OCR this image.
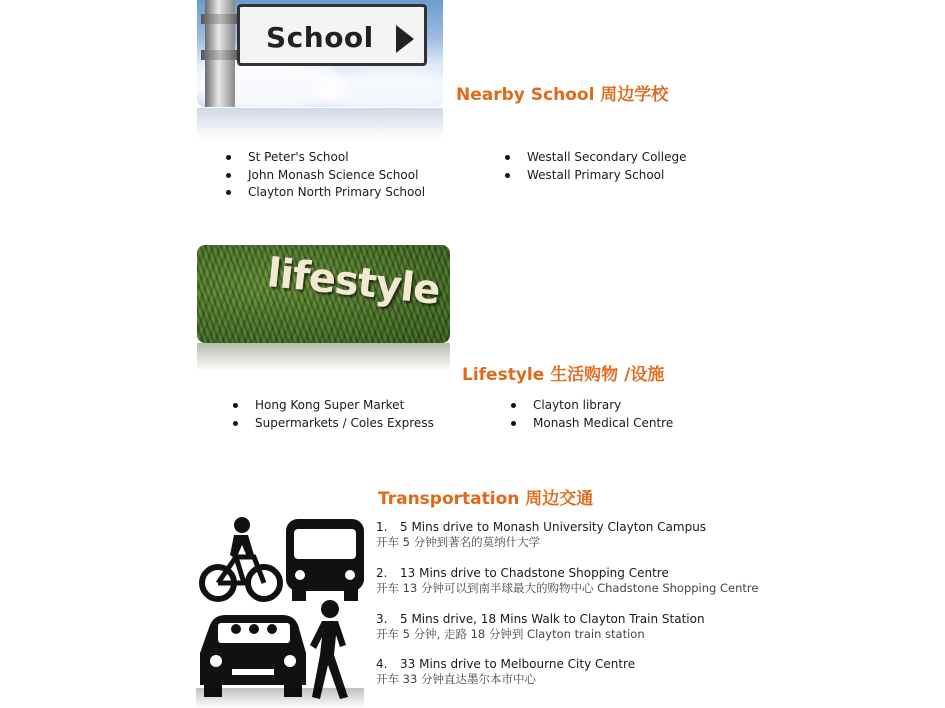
School
Nearby School 周边学校
St Peter's School
John Monash Science School
Clayton North Primary School
Westall Secondary College
Westall Primary School
lifestyle
Lifestyle 生活购物 /设施
Hong Kong Super Market
Supermarkets / Coles Express
Clayton library
Monash Medical Centre
Transportation 周边交通
1. 5 Mins drive to Monash University Clayton Campus
开车 5 分钟到著名的莫纳什大学
2. 13 Mins drive to Chadstone Shopping Centre
开车 13 分钟可以到南半球最大的购物中心 Chadstone Shopping Centre
3. 5 Mins drive, 18 Mins Walk to Clayton Train Station
开车 5 分钟, 走路 18 分钟到 Clayton train station
4. 33 Mins drive to Melbourne City Centre
开车 33 分钟直达墨尔本市中心
